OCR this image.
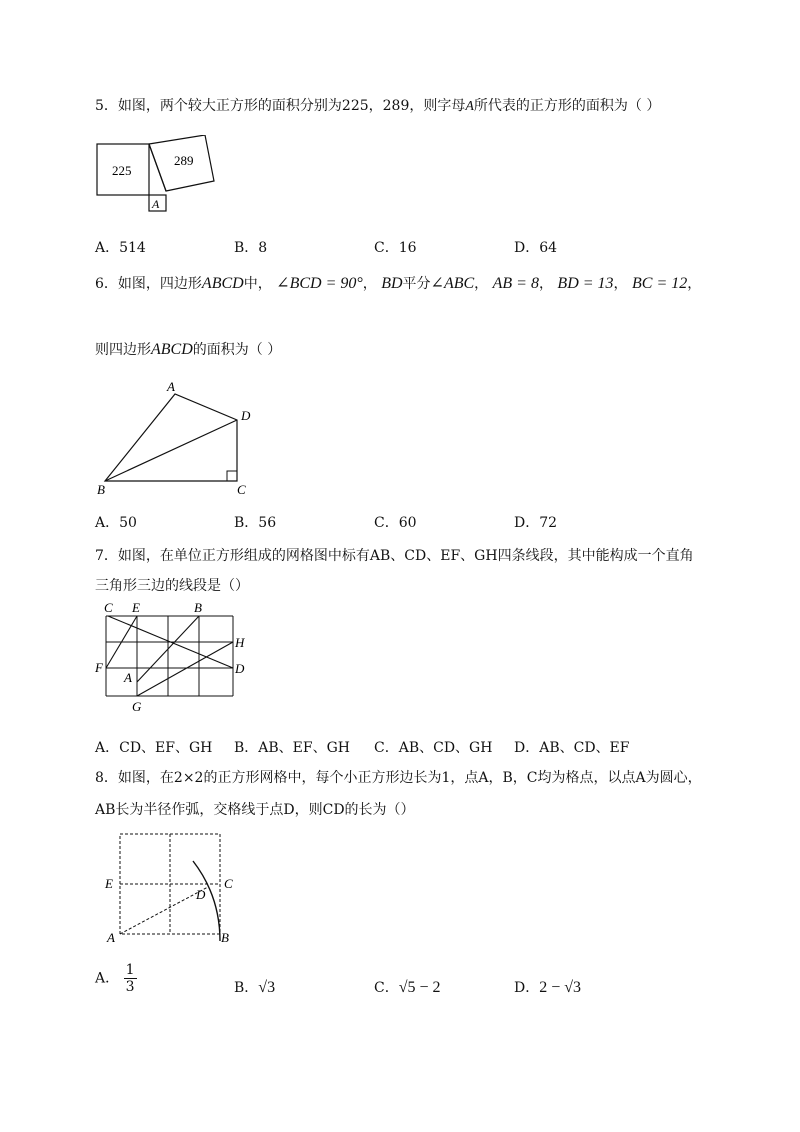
5．如图，两个较大正方形的面积分别为225，289，则字母A所代表的正方形的面积为（ ）
225
289
A
A．514	B．8	C．16	D．64
6．如图，四边形ABCD中， ∠BCD = 90°， BD平分∠ABC， AB = 8， BD = 13， BC = 12，
则四边形ABCD的面积为（ ）
A
D
B	C
A．50	B．56	C．60	D．72
7．如图，在单位正方形组成的网格图中标有AB、CD、EF、GH四条线段，其中能构成一个直角
三角形三边的线段是（）
C E	B
H
F	D
A
G
A．CD、EF、GH B．AB、EF、GH C．AB、CD、GH D．AB、CD、EF
8．如图，在2×2的正方形网格中，每个小正方形边长为1，点A，B，C均为格点，以点A为圆心，
AB长为半径作弧，交格线于点D，则CD的长为（）
E	C
D
A	B
A． $\frac{1}{3}$	B．√3	C．√5 − 2	D．2 − √3
